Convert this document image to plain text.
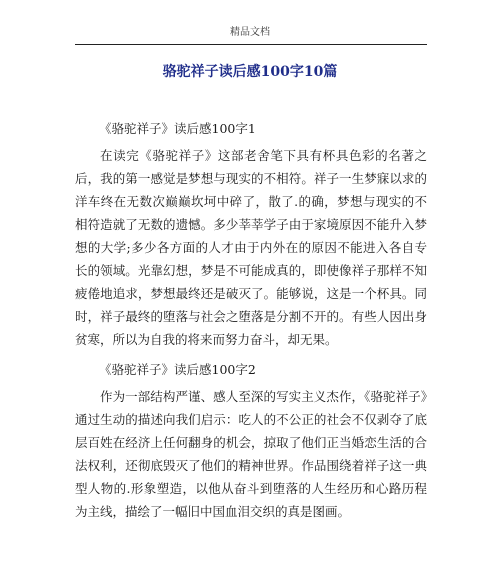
精品文档
骆驼祥子读后感100字10篇
《骆驼祥子》读后感100字1

在读完《骆驼祥子》这部老舍笔下具有杯具色彩的名著之后，我的第一感觉是梦想与现实的不相符。祥子一生梦寐以求的洋车终在无数次巅巅坎坷中碎了，散了.的确，梦想与现实的不相符造就了无数的遗憾。多少莘莘学子由于家境原因不能升入梦想的大学;多少各方面的人才由于内外在的原因不能进入各自专长的领域。光靠幻想，梦是不可能成真的，即使像祥子那样不知疲倦地追求，梦想最终还是破灭了。能够说，这是一个杯具。同时，祥子最终的堕落与社会之堕落是分割不开的。有些人因出身贫寒，所以为自我的将来而努力奋斗，却无果。

《骆驼祥子》读后感100字2

作为一部结构严谨、感人至深的写实主义杰作，《骆驼祥子》通过生动的描述向我们启示：吃人的不公正的社会不仅剥夺了底层百姓在经济上任何翻身的机会，掠取了他们正当婚恋生活的合法权利，还彻底毁灭了他们的精神世界。作品围绕着祥子这一典型人物的.形象塑造，以他从奋斗到堕落的人生经历和心路历程为主线，描绘了一幅旧中国血泪交织的真是图画。
